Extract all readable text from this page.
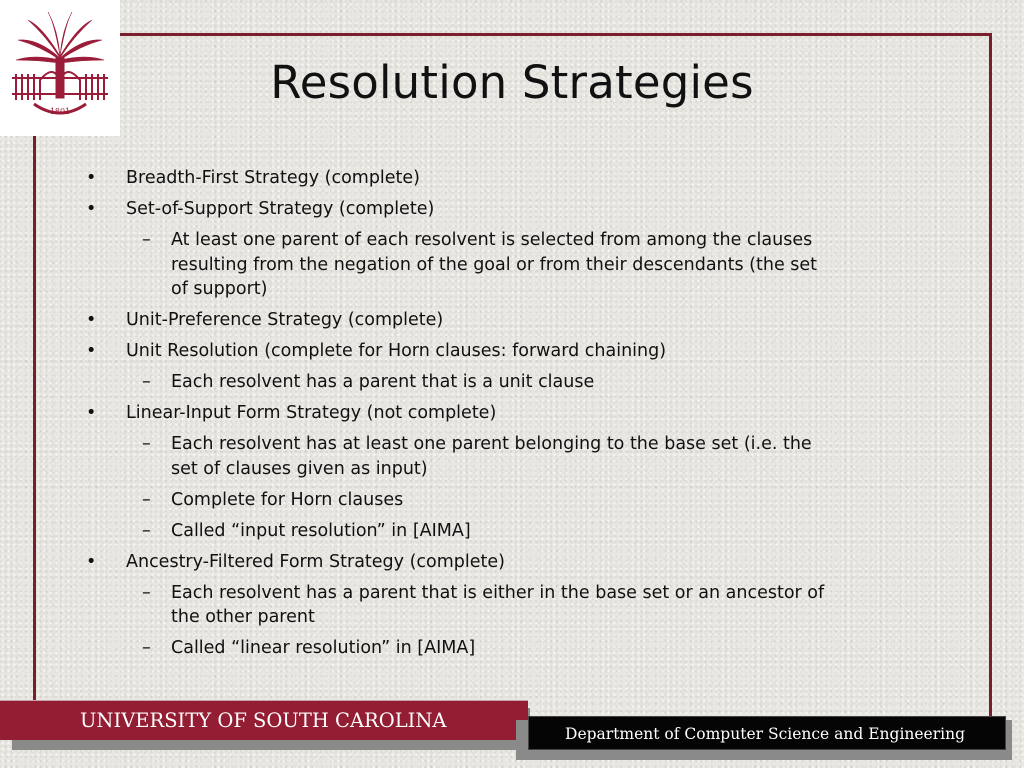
1801
Resolution Strategies

• Breadth-First Strategy (complete)

• Set-of-Support Strategy (complete)

– At least one parent of each resolvent is selected from among the clauses resulting from the negation of the goal or from their descendants (the set of support)

• Unit-Preference Strategy (complete)

• Unit Resolution (complete for Horn clauses: forward chaining)

– Each resolvent has a parent that is a unit clause

• Linear-Input Form Strategy (not complete)

– Each resolvent has at least one parent belonging to the base set (i.e. the set of clauses given as input)

– Complete for Horn clauses

– Called “input resolution” in [AIMA]

• Ancestry-Filtered Form Strategy (complete)

– Each resolvent has a parent that is either in the base set or an ancestor of the other parent

– Called “linear resolution” in [AIMA]

UNIVERSITY OF SOUTH CAROLINA
Department of Computer Science and Engineering
